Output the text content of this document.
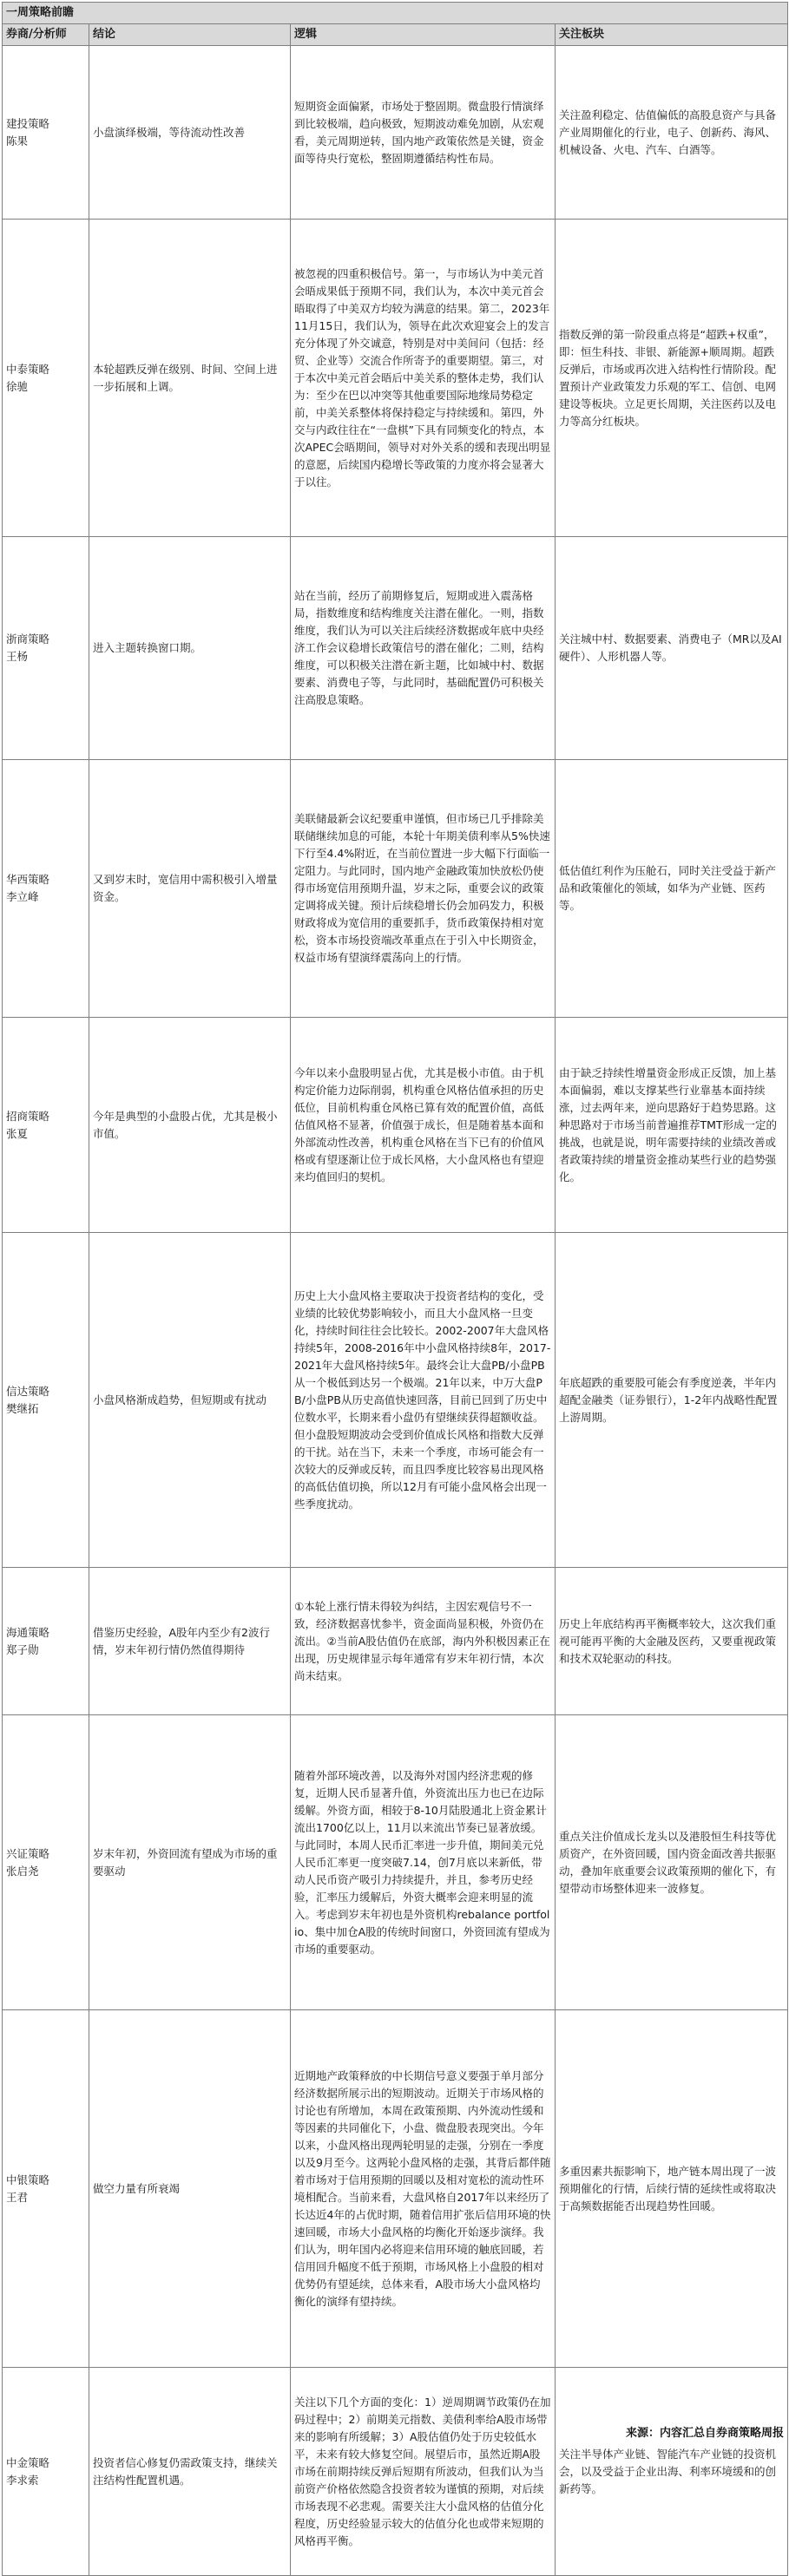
一周策略前瞻			
券商/分析师	结论	逻辑	关注板块

建投策略
陈果	小盘演绎极端，等待流动性改善	短期资金面偏紧，市场处于整固期。微盘股行情演绎到比较极端，趋向极致，短期波动难免加剧，从宏观看，美元周期逆转，国内地产政策依然是关键，资金面等待央行宽松，整固期遵循结构性布局。	关注盈利稳定、估值偏低的高股息资产与具备产业周期催化的行业，电子、创新药、海风、机械设备、火电、汽车、白酒等。

中泰策略
徐驰	本轮超跌反弹在级别、时间、空间上进一步拓展和上调。	被忽视的四重积极信号。第一，与市场认为中美元首会晤成果低于预期不同，我们认为，本次中美元首会晤取得了中美双方均较为满意的结果。第二，2023年11月15日，我们认为，领导在此次欢迎宴会上的发言充分体现了外交诚意，特别是对中美间问（包括：经贸、企业等）交流合作所寄予的重要期望。第三，对于本次中美元首会晤后中美关系的整体走势，我们认为：至少在巴以冲突等其他重要国际地缘局势稳定前，中美关系整体将保持稳定与持续缓和。第四，外交与内政往往在“一盘棋”下具有同频变化的特点，本次APEC会晤期间，领导对对外关系的缓和表现出明显的意愿，后续国内稳增长等政策的力度亦将会显著大于以往。	指数反弹的第一阶段重点将是“超跌+权重”，即：恒生科技、非银、新能源+顺周期。超跌反弹后，市场或再次进入结构性行情阶段。配置预计产业政策发力乐观的军工、信创、电网建设等板块。立足更长周期，关注医药以及电力等高分红板块。

浙商策略
王杨	进入主题转换窗口期。	站在当前，经历了前期修复后，短期或进入震荡格局，指数维度和结构维度关注潜在催化。一则，指数维度，我们认为可以关注后续经济数据或年底中央经济工作会议稳增长政策信号的潜在催化；二则，结构维度，可以积极关注潜在新主题，比如城中村、数据要素、消费电子等，与此同时，基础配置仍可积极关注高股息策略。	关注城中村、数据要素、消费电子（MR以及AI硬件）、人形机器人等。

华西策略
李立峰	又到岁末时，宽信用中需积极引入增量资金。	美联储最新会议纪要重申谨慎，但市场已几乎排除美联储继续加息的可能，本轮十年期美债利率从5%快速下行至4.4%附近，在当前位置进一步大幅下行面临一定阻力。与此同时，国内地产金融政策加快放松仍使得市场宽信用预期升温，岁末之际，重要会议的政策定调将成关键。预计后续稳增长仍会加码发力，积极财政将成为宽信用的重要抓手，货币政策保持相对宽松，资本市场投资端改革重点在于引入中长期资金，权益市场有望演绎震荡向上的行情。	低估值红利作为压舱石，同时关注受益于新产品和政策催化的领域，如华为产业链、医药等。

招商策略
张夏	今年是典型的小盘股占优，尤其是极小市值。	今年以来小盘股明显占优，尤其是极小市值。由于机构定价能力边际削弱，机构重仓风格估值承担的历史低位，目前机构重仓风格已算有效的配置价值，高低估值风格不显著，价值强于成长，但是随着基本面和外部流动性改善，机构重仓风格在当下已有的价值风格或有望逐渐让位于成长风格，大小盘风格也有望迎来均值回归的契机。	由于缺乏持续性增量资金形成正反馈，加上基本面偏弱，难以支撑某些行业靠基本面持续涨，过去两年来，逆向思路好于趋势思路。这种思路对于市场当前普遍推荐TMT形成一定的挑战，也就是说，明年需要持续的业绩改善或者政策持续的增量资金推动某些行业的趋势强化。

信达策略
樊继拓	小盘风格渐成趋势，但短期或有扰动	历史上大小盘风格主要取决于投资者结构的变化，受业绩的比较优势影响较小，而且大小盘风格一旦变化，持续时间往往会比较长。2002-2007年大盘风格持续5年，2008-2016年中小盘风格持续8年，2017-2021年大盘风格持续5年。最终会让大盘PB/小盘PB从一个极低到达另一个极端。21年以来，中万大盘PB/小盘PB从历史高值快速回落，目前已回到了历史中位数水平，长期来看小盘仍有望继续获得超额收益。但小盘股短期波动会受到价值成长风格和指数大反弹的干扰。站在当下，未来一个季度，市场可能会有一次较大的反弹或反转，而且四季度比较容易出现风格的高低估值切换，所以12月有可能小盘风格会出现一些季度扰动。	年底超跌的重要股可能会有季度逆袭，半年内超配金融类（证券银行），1-2年内战略性配置上游周期。

海通策略
郑子勋	借鉴历史经验，A股年内至少有2波行情，岁末年初行情仍然值得期待	①本轮上涨行情未得较为纠结，主因宏观信号不一致，经济数据喜忧参半，资金面尚显积极，外资仍在流出。②当前A股估值仍在底部，海内外积极因素正在出现，历史规律显示每年通常有岁末年初行情，本次尚未结束。	历史上年底结构再平衡概率较大，这次我们重视可能再平衡的大金融及医药，又要重视政策和技术双轮驱动的科技。

兴证策略
张启尧	岁末年初，外资回流有望成为市场的重要驱动	随着外部环境改善，以及海外对国内经济悲观的修复，近期人民币显著升值，外资流出压力也已在边际缓解。外资方面，相较于8-10月陆股通北上资金累计流出1700亿以上，11月以来流出节奏已显著放缓。与此同时，本周人民币汇率进一步升值，期间美元兑人民币汇率更一度突破7.14，创7月底以来新低，带动人民币资产吸引力持续提升，并且，参考历史经验，汇率压力缓解后，外资大概率会迎来明显的流入。考虑到岁末年初也是外资机构rebalance portfolio、集中加仓A股的传统时间窗口，外资回流有望成为市场的重要驱动。	重点关注价值成长龙头以及港股恒生科技等优质资产，在外资回暖，国内资金面改善共振驱动，叠加年底重要会议政策预期的催化下，有望带动市场整体迎来一波修复。

中银策略
王君	做空力量有所衰竭	近期地产政策释放的中长期信号意义要强于单月部分经济数据所展示出的短期波动。近期关于市场风格的讨论也有所增加，本周在政策预期、内外流动性缓和等因素的共同催化下，小盘、微盘股表现突出。今年以来，小盘风格出现两轮明显的走强，分别在一季度以及9月至今。这两轮小盘风格的走强，其背后都伴随着市场对于信用预期的回暖以及相对宽松的流动性环境相配合。当前来看，大盘风格自2017年以来经历了长达近4年的占优时期，随着信用扩张后信用环境的快速回暖，市场大小盘风格的均衡化开始逐步演绎。我们认为，明年国内必将迎来信用环境的触底回暖，若信用回升幅度不低于预期，市场风格上小盘股的相对优势仍有望延续，总体来看，A股市场大小盘风格均衡化的演绎有望持续。	多重因素共振影响下，地产链本周出现了一波预期催化的行情，后续行情的延续性或将取决于高频数据能否出现趋势性回暖。

中金策略
李求索	投资者信心修复仍需政策支持，继续关注结构性配置机遇。	关注以下几个方面的变化：1）逆周期调节政策仍在加码过程中；2）前期美元指数、美债利率给A股市场带来的影响有所缓解；3）A股估值仍处于历史较低水平，未来有较大修复空间。展望后市，虽然近期A股市场在前期持续反弹后短期有所波动，但我们认为当前资产价格依然隐含投资者较为谨慎的预期，对后续市场表现不必悲观。需要关注大小盘风格的估值分化程度，历史经验显示较大的估值分化也或带来短期的风格再平衡。	关注半导体产业链、智能汽车产业链的投资机会，以及受益于企业出海、利率环境缓和的创新药等。
来源：内容汇总自券商策略周报
